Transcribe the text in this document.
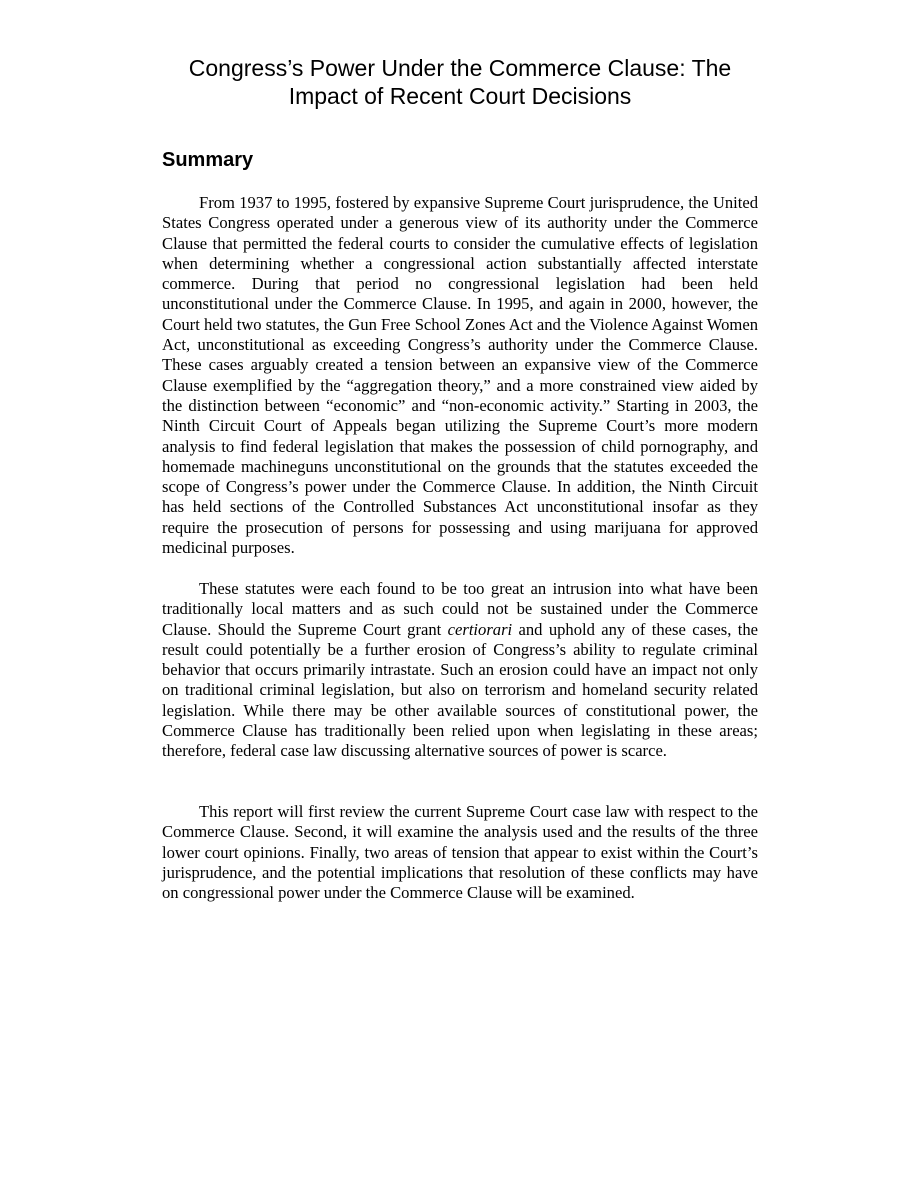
Congress’s Power Under the Commerce Clause: The
Impact of Recent Court Decisions
Summary

From 1937 to 1995, fostered by expansive Supreme Court jurisprudence, the United States Congress operated under a generous view of its authority under the Commerce Clause that permitted the federal courts to consider the cumulative effects of legislation when determining whether a congressional action substantially affected interstate commerce. During that period no congressional legislation had been held unconstitutional under the Commerce Clause. In 1995, and again in 2000, however, the Court held two statutes, the Gun Free School Zones Act and the Violence Against Women Act, unconstitutional as exceeding Congress’s authority under the Commerce Clause. These cases arguably created a tension between an expansive view of the Commerce Clause exemplified by the “aggregation theory,” and a more constrained view aided by the distinction between “economic” and “non-economic activity.” Starting in 2003, the Ninth Circuit Court of Appeals began utilizing the Supreme Court’s more modern analysis to find federal legislation that makes the possession of child pornography, and homemade machineguns unconstitutional on the grounds that the statutes exceeded the scope of Congress’s power under the Commerce Clause. In addition, the Ninth Circuit has held sections of the Controlled Substances Act unconstitutional insofar as they require the prosecution of persons for possessing and using marijuana for approved medicinal purposes.

These statutes were each found to be too great an intrusion into what have been traditionally local matters and as such could not be sustained under the Commerce Clause. Should the Supreme Court grant certiorari and uphold any of these cases, the result could potentially be a further erosion of Congress’s ability to regulate criminal behavior that occurs primarily intrastate. Such an erosion could have an impact not only on traditional criminal legislation, but also on terrorism and homeland security related legislation. While there may be other available sources of constitutional power, the Commerce Clause has traditionally been relied upon when legislating in these areas; therefore, federal case law discussing alternative sources of power is scarce.

This report will first review the current Supreme Court case law with respect to the Commerce Clause. Second, it will examine the analysis used and the results of the three lower court opinions. Finally, two areas of tension that appear to exist within the Court’s jurisprudence, and the potential implications that resolution of these conflicts may have on congressional power under the Commerce Clause will be examined.
